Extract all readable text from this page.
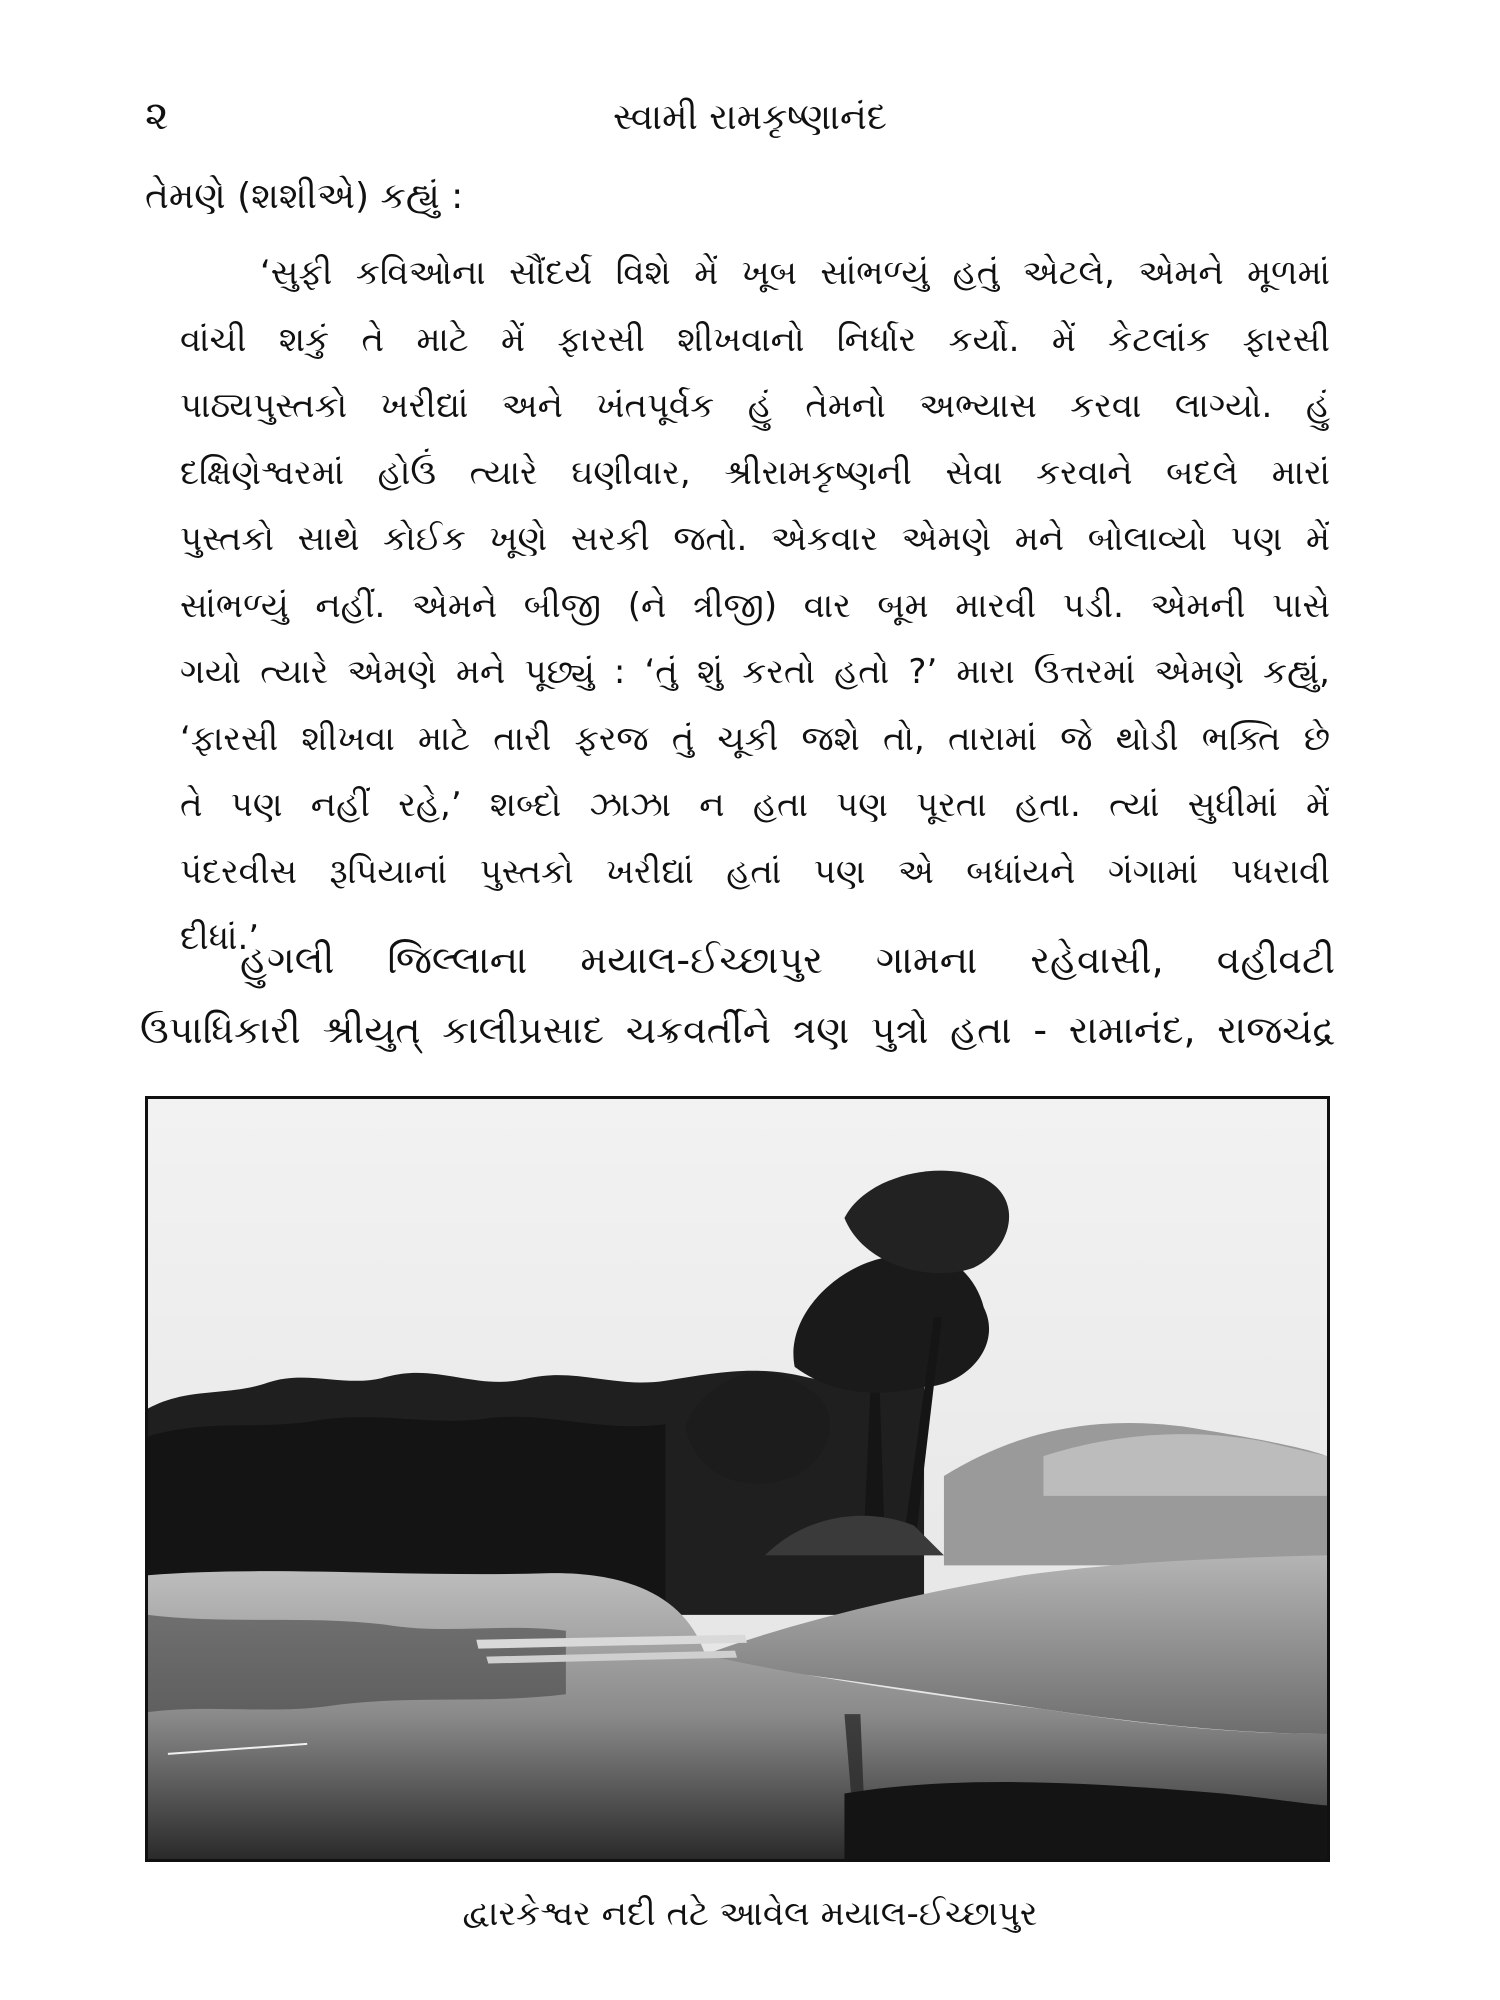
૨	સ્વામી રામકૃષ્ણાનંદ
તેમણે (શશીએ) કહ્યું :
‘સુફી કવિઓના સૌંદર્ય વિશે મેં ખૂબ સાંભળ્યું હતું એટલે, એમને મૂળમાં
વાંચી શકું તે માટે મેં ફારસી શીખવાનો નિર્ધાર કર્યો. મેં કેટલાંક ફારસી
પાઠ્યપુસ્તકો ખરીદ્યાં અને ખંતપૂર્વક હું તેમનો અભ્યાસ કરવા લાગ્યો. હું
દક્ષિણેશ્વરમાં હોઉં ત્યારે ઘણીવાર, શ્રીરામકૃષ્ણની સેવા કરવાને બદલે મારાં
પુસ્તકો સાથે કોઈક ખૂણે સરકી જતો. એકવાર એમણે મને બોલાવ્યો પણ મેં
સાંભળ્યું નહીં. એમને બીજી (ને ત્રીજી) વાર બૂમ મારવી પડી. એમની પાસે
ગયો ત્યારે એમણે મને પૂછ્યું : ‘તું શું કરતો હતો ?’ મારા ઉત્તરમાં એમણે કહ્યું,
‘ફારસી શીખવા માટે તારી ફરજ તું ચૂકી જશે તો, તારામાં જે થોડી ભક્તિ છે
તે પણ નહીં રહે,’ શબ્દો ઝાઝા ન હતા પણ પૂરતા હતા. ત્યાં સુધીમાં મેં
પંદરવીસ રૂપિયાનાં પુસ્તકો ખરીદ્યાં હતાં પણ એ બધાંયને ગંગામાં પધરાવી
દીધાં.’
હુગલી જિલ્લાના મયાલ-ઈચ્છાપુર ગામના રહેવાસી, વહીવટી
ઉપાધિકારી શ્રીયુત્ કાલીપ્રસાદ ચક્રવર્તીને ત્રણ પુત્રો હતા - રામાનંદ, રાજચંદ્ર
દ્વારકેશ્વર નદી તટે આવેલ મયાલ-ઈચ્છાપુર
